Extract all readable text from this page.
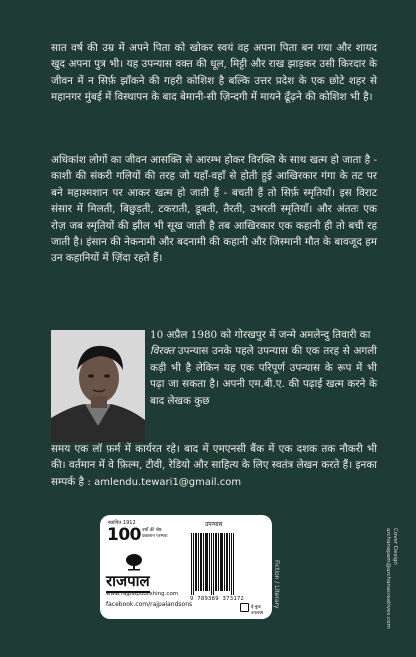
सात वर्ष की उम्र में अपने पिता को खोकर स्वयं वह अपना पिता बन गया और शायद खुद अपना पुत्र भी। यह उपन्यास वक्त की धूल, मिट्टी और राख झाड़कर उसी किरदार के जीवन में न सिर्फ़ झाँकने की गहरी कोशिश है बल्कि उत्तर प्रदेश के एक छोटे शहर से महानगर मुंबई में विस्थापन के बाद बेमानी-सी ज़िन्दगी में मायने ढूँढ़ने की कोशिश भी है।

अधिकांश लोगों का जीवन आसक्ति से आरम्भ होकर विरक्ति के साथ खत्म हो जाता है - काशी की संकरी गलियों की तरह जो यहाँ-वहाँ से होती हुई आखिरकार गंगा के तट पर बने महाश्मशान पर आकर खत्म हो जाती हैं - बचती हैं तो सिर्फ़ स्मृतियाँ। इस विराट संसार में मिलती, बिछुड़ती, टकराती, डूबती, तैरती, उभरती स्मृतियाँ। और अंततः एक रोज़ जब स्मृतियों की झील भी सूख जाती है तब आखिरकार एक कहानी ही तो बची रह जाती है। इंसान की नेकनामी और बदनामी की कहानी और जिस्मानी मौत के बावजूद हम उन कहानियों में ज़िंदा रहते हैं।

10 अप्रैल 1980 को गोरखपुर में जन्मे अमलेन्दु तिवारी का
विरक्त उपन्यास उनके पहले उपन्यास की एक तरह से अगली कड़ी भी है लेकिन यह एक परिपूर्ण उपन्यास के रूप में भी पढ़ा जा सकता है। अपनी एम.बी.ए. की पढ़ाई खत्म करने के बाद लेखक कुछ

समय एक लॉ फ़र्म में कार्यरत रहे। बाद में एमएनसी बैंक में एक दशक तक नौकरी भी की। वर्तमान में वे फ़िल्म, टीवी, रेडियो और साहित्य के लिए स्वतंत्र लेखन करते हैं। इनका सम्पर्क है : amlendu.tewari1@gmail.com

स्थापित 1912
100 वर्षों की श्रेष्ठ प्रकाशन परम्परा
राजपाल
www.rajpalpublishing.com
facebook.com/rajpalandsons
उपन्यास
9 789389 373172
ई-बुक उपलब्ध
Fiction / Literary
Cover Design
archanapam@archanacreatives.com
